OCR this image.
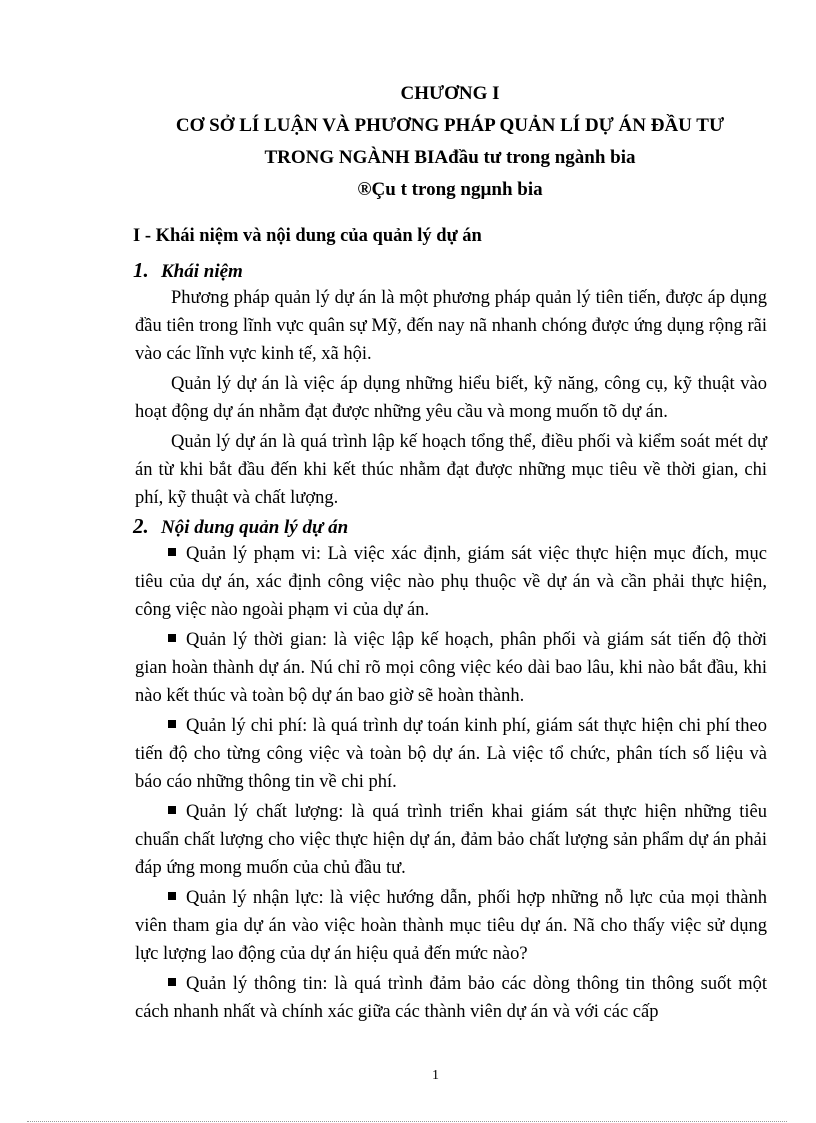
CHƯƠNG I
CƠ SỞ LÍ LUẬN VÀ PHƯƠNG PHÁP QUẢN LÍ DỰ ÁN ĐẦU TƯ
TRONG NGÀNH BIAđầu tư trong ngành bia
®Çu t trong ngµnh bia
I - Khái niệm và nội dung của quản lý dự án
1. Khái niệm

Phương pháp quản lý dự án là một phương pháp quản lý tiên tiến, được áp dụng đầu tiên trong lĩnh vực quân sự Mỹ, đến nay nã nhanh chóng được ứng dụng rộng rãi vào các lĩnh vực kinh tế, xã hội.

Quản lý dự án là việc áp dụng những hiểu biết, kỹ năng, công cụ, kỹ thuật vào hoạt động dự án nhằm đạt được những yêu cầu và mong muốn tõ dự án.

Quản lý dự án là quá trình lập kế hoạch tổng thể, điều phối và kiểm soát mét dự án từ khi bắt đầu đến khi kết thúc nhằm đạt được những mục tiêu về thời gian, chi phí, kỹ thuật và chất lượng.

2. Nội dung quản lý dự án

Quản lý phạm vi: Là việc xác định, giám sát việc thực hiện mục đích, mục tiêu của dự án, xác định công việc nào phụ thuộc về dự án và cần phải thực hiện, công việc nào ngoài phạm vi của dự án.

Quản lý thời gian: là việc lập kế hoạch, phân phối và giám sát tiến độ thời gian hoàn thành dự án. Nú chỉ rõ mọi công việc kéo dài bao lâu, khi nào bắt đầu, khi nào kết thúc và toàn bộ dự án bao giờ sẽ hoàn thành.

Quản lý chi phí: là quá trình dự toán kinh phí, giám sát thực hiện chi phí theo tiến độ cho từng công việc và toàn bộ dự án. Là việc tổ chức, phân tích số liệu và báo cáo những thông tin về chi phí.

Quản lý chất lượng: là quá trình triển khai giám sát thực hiện những tiêu chuẩn chất lượng cho việc thực hiện dự án, đảm bảo chất lượng sản phẩm dự án phải đáp ứng mong muốn của chủ đầu tư.

Quản lý nhận lực: là việc hướng dẫn, phối hợp những nỗ lực của mọi thành viên tham gia dự án vào việc hoàn thành mục tiêu dự án. Nã cho thấy việc sử dụng lực lượng lao động của dự án hiệu quả đến mức nào?

Quản lý thông tin: là quá trình đảm bảo các dòng thông tin thông suốt một cách nhanh nhất và chính xác giữa các thành viên dự án và với các cấp

1
